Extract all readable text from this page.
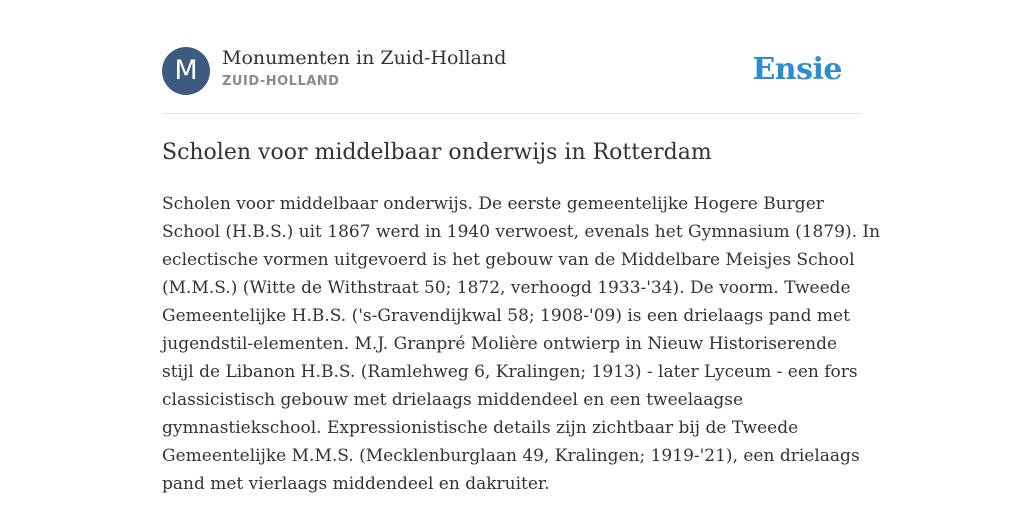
M	Monumenten in Zuid-Holland
ZUID-HOLLAND	Ensie
Scholen voor middelbaar onderwijs in Rotterdam

Scholen voor middelbaar onderwijs. De eerste gemeentelijke Hogere Burger
School (H.B.S.) uit 1867 werd in 1940 verwoest, evenals het Gymnasium (1879). In
eclectische vormen uitgevoerd is het gebouw van de Middelbare Meisjes School
(M.M.S.) (Witte de Withstraat 50; 1872, verhoogd 1933-'34). De voorm. Tweede
Gemeentelijke H.B.S. ('s-Gravendijkwal 58; 1908-'09) is een drielaags pand met
jugendstil-elementen. M.J. Granpré Molière ontwierp in Nieuw Historiserende
stijl de Libanon H.B.S. (Ramlehweg 6, Kralingen; 1913) - later Lyceum - een fors
classicistisch gebouw met drielaags middendeel en een tweelaagse
gymnastiekschool. Expressionistische details zijn zichtbaar bij de Tweede
Gemeentelijke M.M.S. (Mecklenburglaan 49, Kralingen; 1919-'21), een drielaags
pand met vierlaags middendeel en dakruiter.
